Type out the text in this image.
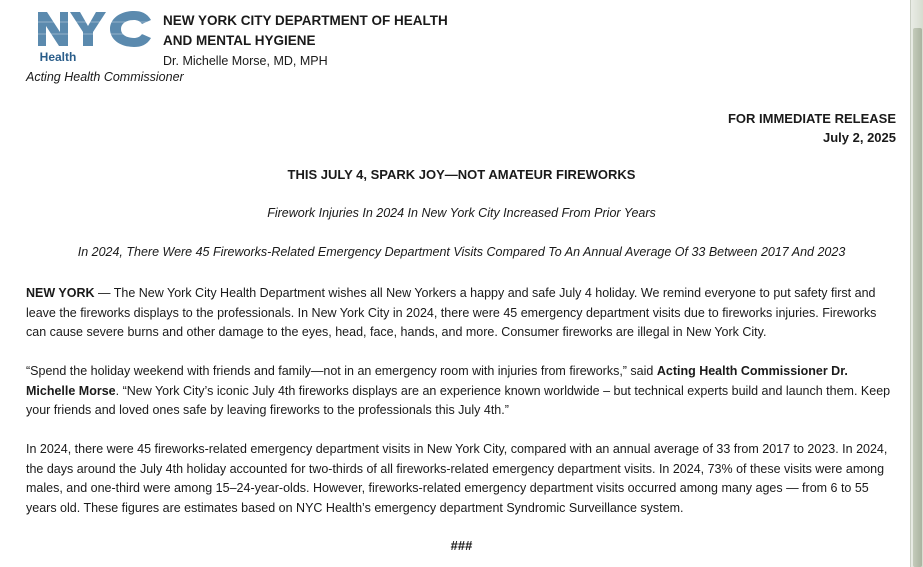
Health
NEW YORK CITY DEPARTMENT OF HEALTH
AND MENTAL HYGIENE
Dr. Michelle Morse, MD, MPH
Acting Health Commissioner
FOR IMMEDIATE RELEASE
July 2, 2025
THIS JULY 4, SPARK JOY—NOT AMATEUR FIREWORKS
Firework Injuries In 2024 In New York City Increased From Prior Years
In 2024, There Were 45 Fireworks-Related Emergency Department Visits Compared To An Annual Average Of 33 Between 2017 And 2023

NEW YORK — The New York City Health Department wishes all New Yorkers a happy and safe July 4 holiday. We remind everyone to put safety first and leave the fireworks displays to the professionals. In New York City in 2024, there were 45 emergency department visits due to fireworks injuries. Fireworks can cause severe burns and other damage to the eyes, head, face, hands, and more. Consumer fireworks are illegal in New York City.

“Spend the holiday weekend with friends and family—not in an emergency room with injuries from fireworks,” said Acting Health Commissioner Dr. Michelle Morse. “New York City’s iconic July 4th fireworks displays are an experience known worldwide – but technical experts build and launch them. Keep your friends and loved ones safe by leaving fireworks to the professionals this July 4th.”

In 2024, there were 45 fireworks-related emergency department visits in New York City, compared with an annual average of 33 from 2017 to 2023. In 2024, the days around the July 4th holiday accounted for two-thirds of all fireworks-related emergency department visits. In 2024, 73% of these visits were among males, and one-third were among 15–24-year-olds. However, fireworks-related emergency department visits occurred among many ages — from 6 to 55 years old. These figures are estimates based on NYC Health’s emergency department Syndromic Surveillance system.

###
